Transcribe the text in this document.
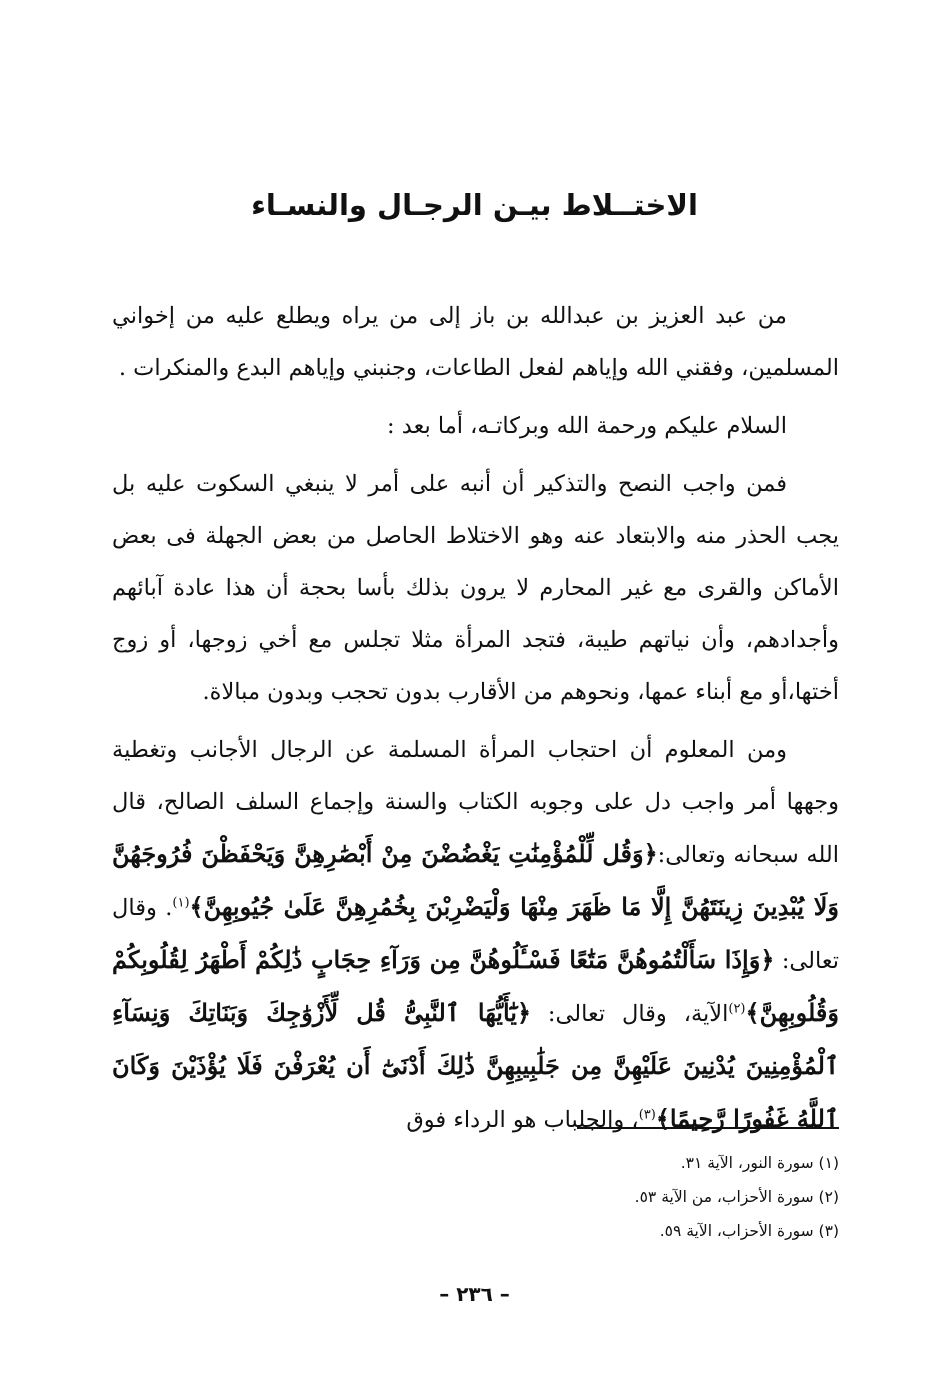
الاختــلاط بيـن الرجـال والنسـاء

من عبد العزيز بن عبدالله بن باز إلى من يراه ويطلع عليه من إخواني المسلمين، وفقني الله وإياهم لفعل الطاعات، وجنبني وإياهم البدع والمنكرات .

السلام عليكم ورحمة الله وبركاتـه، أما بعد :

فمن واجب النصح والتذكير أن أنبه على أمر لا ينبغي السكوت عليه بل يجب الحذر منه والابتعاد عنه وهو الاختلاط الحاصل من بعض الجهلة فى بعض الأماكن والقرى مع غير المحارم لا يرون بذلك بأسا بحجة أن هذا عادة آبائهم وأجدادهم، وأن نياتهم طيبة، فتجد المرأة مثلا تجلس مع أخي زوجها، أو زوج أختها،أو مع أبناء عمها، ونحوهم من الأقارب بدون تحجب وبدون مبالاة.

ومن المعلوم أن احتجاب المرأة المسلمة عن الرجال الأجانب وتغطية وجهها أمر واجب دل على وجوبه الكتاب والسنة وإجماع السلف الصالح، قال الله سبحانه وتعالى:﴿وَقُل لِّلْمُؤْمِنَٰتِ يَغْضُضْنَ مِنْ أَبْصَٰرِهِنَّ وَيَحْفَظْنَ فُرُوجَهُنَّ وَلَا يُبْدِينَ زِينَتَهُنَّ إِلَّا مَا ظَهَرَ مِنْهَا وَلْيَضْرِبْنَ بِخُمُرِهِنَّ عَلَىٰ جُيُوبِهِنَّ﴾$^{(١)}$. وقال تعالى: ﴿وَإِذَا سَأَلْتُمُوهُنَّ مَتَٰعًا فَسْـَٔلُوهُنَّ مِن وَرَآءِ حِجَابٍ ذَٰلِكُمْ أَطْهَرُ لِقُلُوبِكُمْ وَقُلُوبِهِنَّ﴾$^{(٢)}$الآية، وقال تعالى: ﴿يَٰٓأَيُّهَا ٱلنَّبِىُّ قُل لِّأَزْوَٰجِكَ وَبَنَاتِكَ وَنِسَآءِ ٱلْمُؤْمِنِينَ يُدْنِينَ عَلَيْهِنَّ مِن جَلَٰبِيبِهِنَّ ذَٰلِكَ أَدْنَىٰٓ أَن يُعْرَفْنَ فَلَا يُؤْذَيْنَ وَكَانَ ٱللَّهُ غَفُورًا رَّحِيمًا﴾$^{(٣)}$، والجلباب هو الرداء فوق

(١) سورة النور، الآية ٣١.

(٢) سورة الأحزاب، من الآية ٥٣.

(٣) سورة الأحزاب، الآية ٥٩.

– ٢٣٦ –
